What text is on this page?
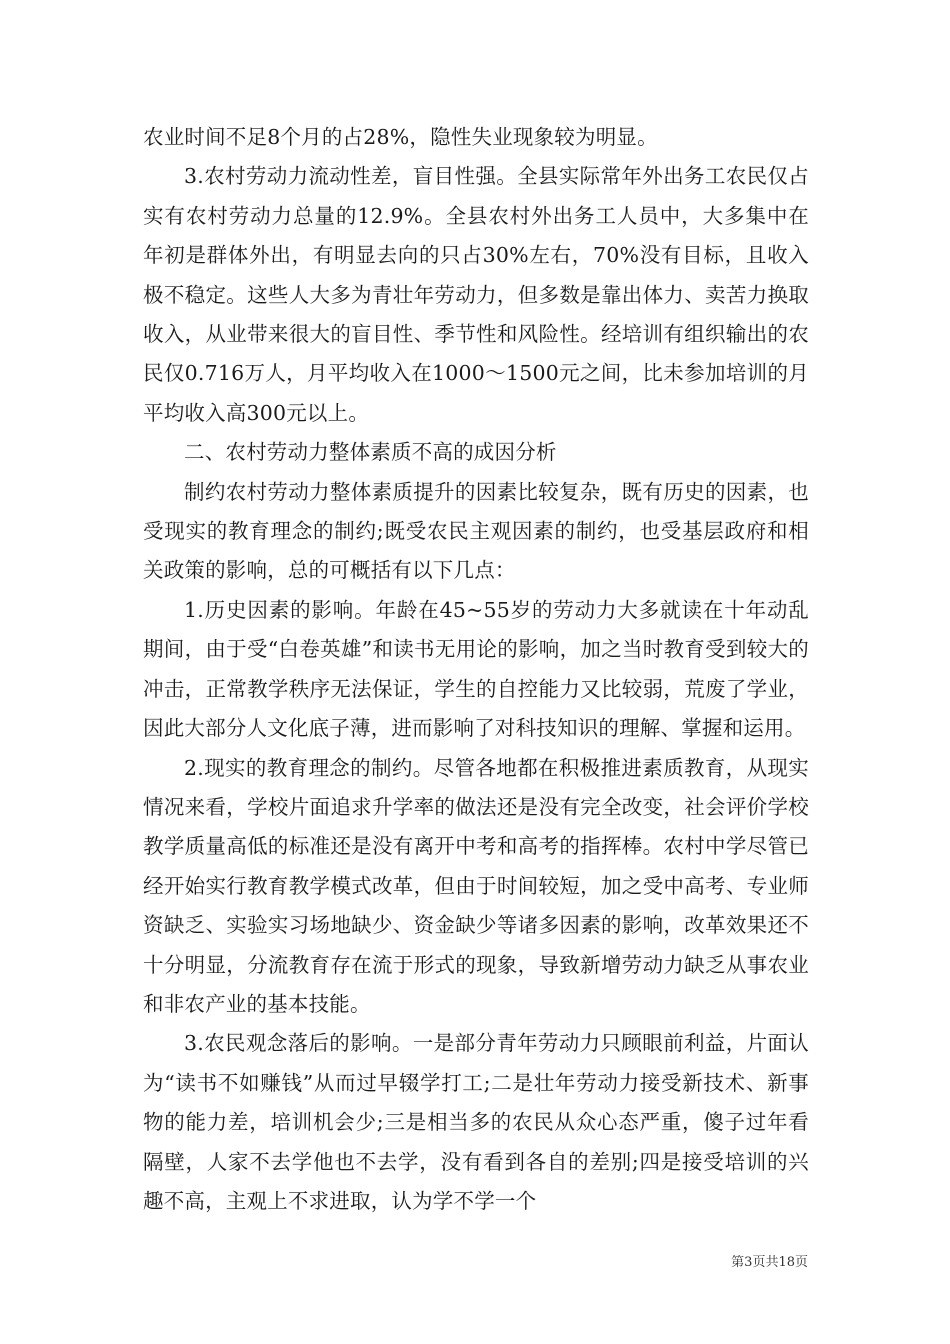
农业时间不足8个月的占28%，隐性失业现象较为明显。

3.农村劳动力流动性差，盲目性强。全县实际常年外出务工农民仅占实有农村劳动力总量的12.9%。全县农村外出务工人员中，大多集中在年初是群体外出，有明显去向的只占30%左右，70%没有目标，且收入极不稳定。这些人大多为青壮年劳动力，但多数是靠出体力、卖苦力换取收入，从业带来很大的盲目性、季节性和风险性。经培训有组织输出的农民仅0.716万人，月平均收入在1000～1500元之间，比未参加培训的月平均收入高300元以上。

二、农村劳动力整体素质不高的成因分析

制约农村劳动力整体素质提升的因素比较复杂，既有历史的因素，也受现实的教育理念的制约;既受农民主观因素的制约，也受基层政府和相关政策的影响，总的可概括有以下几点：

1.历史因素的影响。年龄在45~55岁的劳动力大多就读在十年动乱期间，由于受“白卷英雄”和读书无用论的影响，加之当时教育受到较大的冲击，正常教学秩序无法保证，学生的自控能力又比较弱，荒废了学业，因此大部分人文化底子薄，进而影响了对科技知识的理解、掌握和运用。

2.现实的教育理念的制约。尽管各地都在积极推进素质教育，从现实情况来看，学校片面追求升学率的做法还是没有完全改变，社会评价学校教学质量高低的标准还是没有离开中考和高考的指挥棒。农村中学尽管已经开始实行教育教学模式改革，但由于时间较短，加之受中高考、专业师资缺乏、实验实习场地缺少、资金缺少等诸多因素的影响，改革效果还不十分明显，分流教育存在流于形式的现象，导致新增劳动力缺乏从事农业和非农产业的基本技能。

3.农民观念落后的影响。一是部分青年劳动力只顾眼前利益，片面认为“读书不如赚钱”从而过早辍学打工;二是壮年劳动力接受新技术、新事物的能力差，培训机会少;三是相当多的农民从众心态严重，傻子过年看隔壁，人家不去学他也不去学，没有看到各自的差别;四是接受培训的兴趣不高，主观上不求进取，认为学不学一个

第3页共18页
